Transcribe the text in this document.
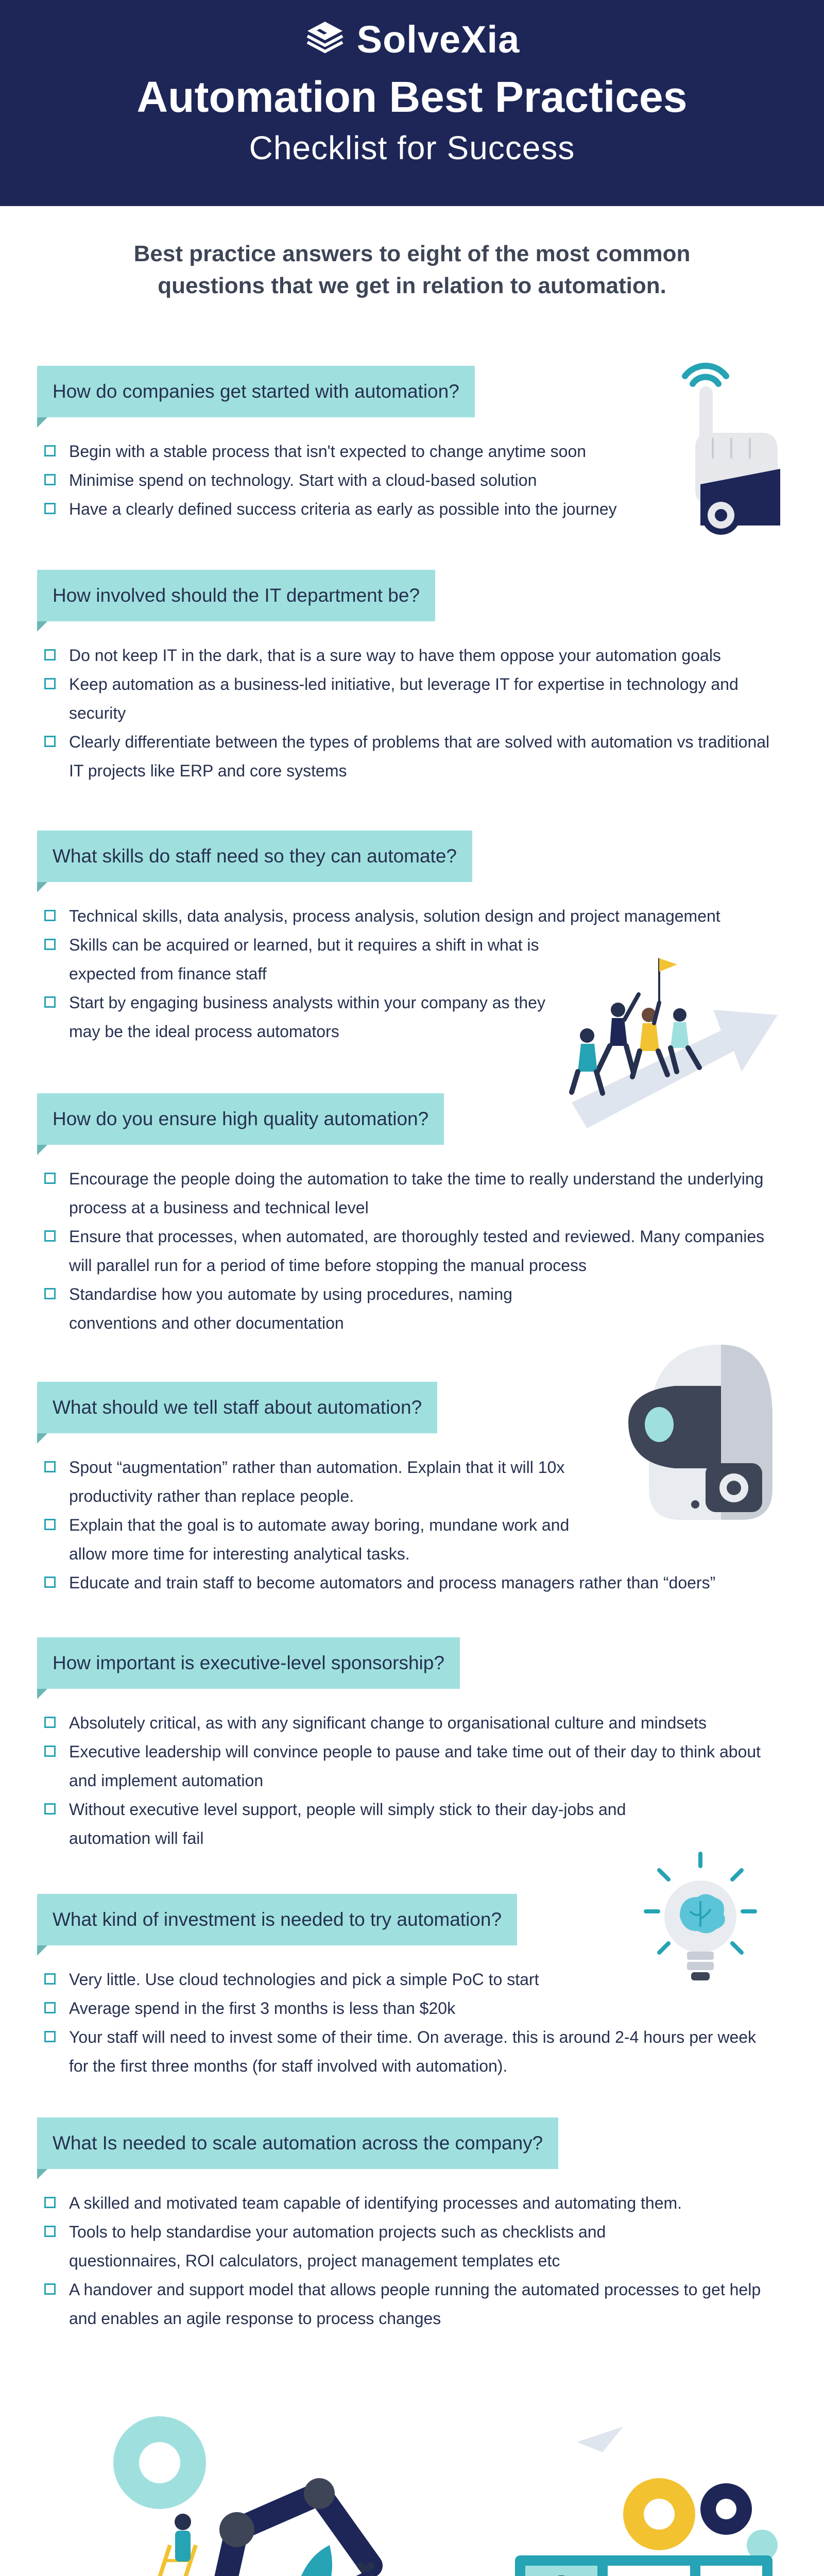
SolveXia
Automation Best Practices
Checklist for Success
Best practice answers to eight of the most common questions that we get in relation to automation.
How do companies get started with automation?
Begin with a stable process that isn't expected to change anytime soon
Minimise spend on technology. Start with a cloud-based solution
Have a clearly defined success criteria as early as possible into the journey
How involved should the IT department be?
Do not keep IT in the dark, that is a sure way to have them oppose your automation goals
Keep automation as a business-led initiative, but leverage IT for expertise in technology and security
Clearly differentiate between the types of problems that are solved with automation vs traditional IT projects like ERP and core systems
What skills do staff need so they can automate?
Technical skills, data analysis, process analysis, solution design and project management
Skills can be acquired or learned, but it requires a shift in what is expected from finance staff
Start by engaging business analysts within your company as they may be the ideal process automators
How do you ensure high quality automation?
Encourage the people doing the automation to take the time to really understand the underlying process at a business and technical level
Ensure that processes, when automated, are thoroughly tested and reviewed. Many companies will parallel run for a period of time before stopping the manual process
Standardise how you automate by using procedures, naming conventions and other documentation
What should we tell staff about automation?
Spout “augmentation” rather than automation. Explain that it will 10x productivity rather than replace people.
Explain that the goal is to automate away boring, mundane work and allow more time for interesting analytical tasks.
Educate and train staff to become automators and process managers rather than “doers”
How important is executive-level sponsorship?
Absolutely critical, as with any significant change to organisational culture and mindsets
Executive leadership will convince people to pause and take time out of their day to think about and implement automation
Without executive level support, people will simply stick to their day-jobs and automation will fail
What kind of investment is needed to try automation?
Very little. Use cloud technologies and pick a simple PoC to start
Average spend in the first 3 months is less than $20k
Your staff will need to invest some of their time. On average. this is around 2-4 hours per week for the first three months (for staff involved with automation).
What Is needed to scale automation across the company?
A skilled and motivated team capable of identifying processes and automating them.
Tools to help standardise your automation projects such as checklists and questionnaires, ROI calculators, project management templates etc
A handover and support model that allows people running the automated processes to get help and enables an agile response to process changes
